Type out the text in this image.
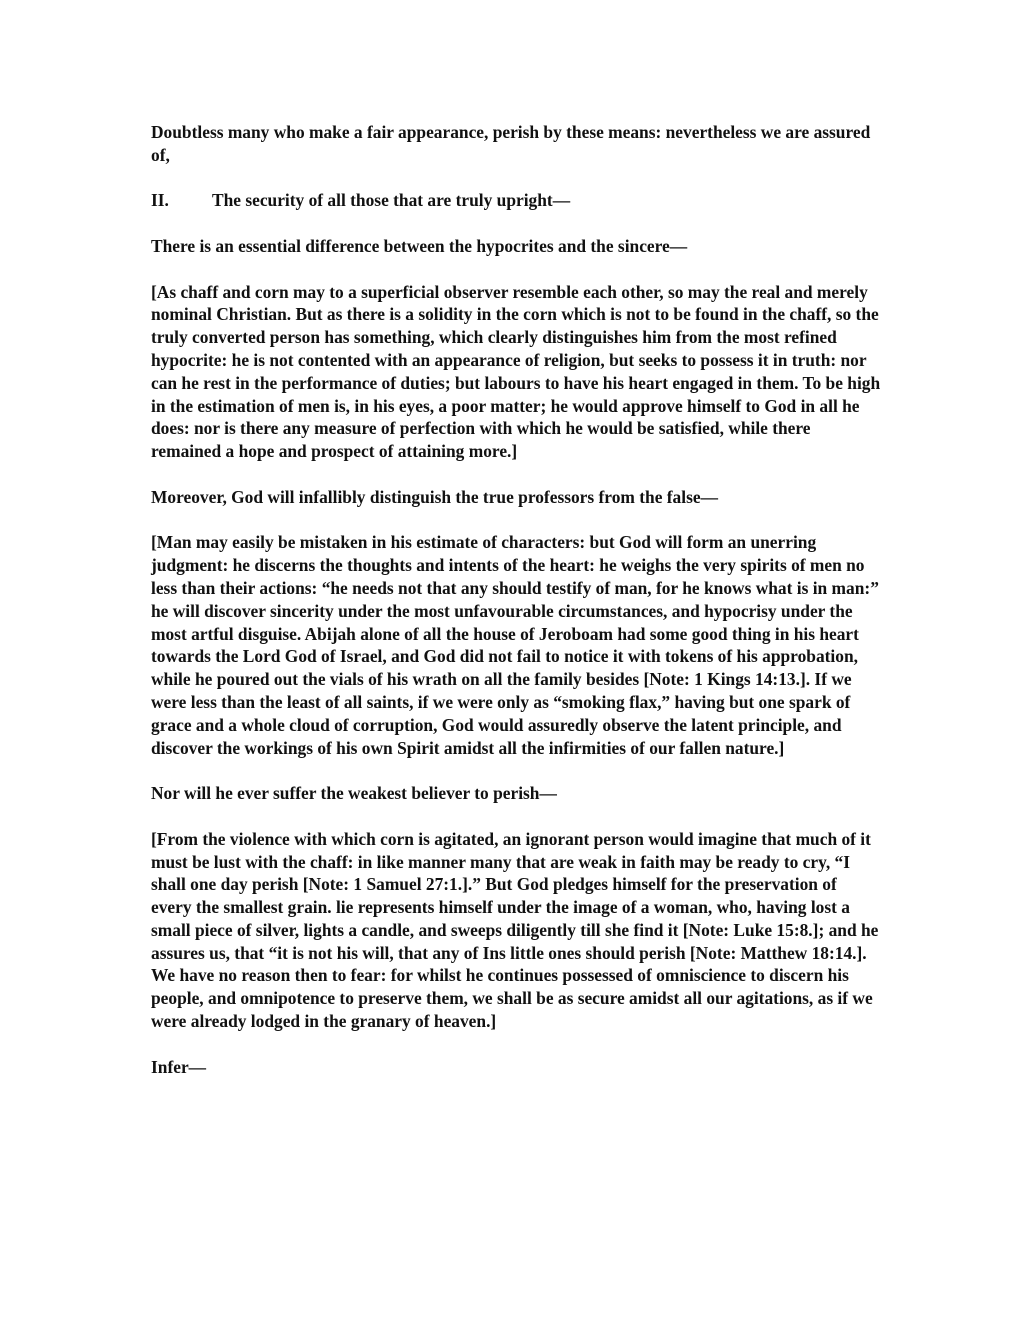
Doubtless many who make a fair appearance, perish by these means: nevertheless we are assured of,

II.	The security of all those that are truly upright—

There is an essential difference between the hypocrites and the sincere—

[As chaff and corn may to a superficial observer resemble each other, so may the real and merely nominal Christian. But as there is a solidity in the corn which is not to be found in the chaff, so the truly converted person has something, which clearly distinguishes him from the most refined hypocrite: he is not contented with an appearance of religion, but seeks to possess it in truth: nor can he rest in the performance of duties; but labours to have his heart engaged in them. To be high in the estimation of men is, in his eyes, a poor matter; he would approve himself to God in all he does: nor is there any measure of perfection with which he would be satisfied, while there remained a hope and prospect of attaining more.]

Moreover, God will infallibly distinguish the true professors from the false—

[Man may easily be mistaken in his estimate of characters: but God will form an unerring judgment: he discerns the thoughts and intents of the heart: he weighs the very spirits of men no less than their actions: “he needs not that any should testify of man, for he knows what is in man:” he will discover sincerity under the most unfavourable circumstances, and hypocrisy under the most artful disguise. Abijah alone of all the house of Jeroboam had some good thing in his heart towards the Lord God of Israel, and God did not fail to notice it with tokens of his approbation, while he poured out the vials of his wrath on all the family besides [Note: 1 Kings 14:13.]. If we were less than the least of all saints, if we were only as “smoking flax,” having but one spark of grace and a whole cloud of corruption, God would assuredly observe the latent principle, and discover the workings of his own Spirit amidst all the infirmities of our fallen nature.]

Nor will he ever suffer the weakest believer to perish—

[From the violence with which corn is agitated, an ignorant person would imagine that much of it must be lust with the chaff: in like manner many that are weak in faith may be ready to cry, “I shall one day perish [Note: 1 Samuel 27:1.].” But God pledges himself for the preservation of every the smallest grain. lie represents himself under the image of a woman, who, having lost a small piece of silver, lights a candle, and sweeps diligently till she find it [Note: Luke 15:8.]; and he assures us, that “it is not his will, that any of Ins little ones should perish [Note: Matthew 18:14.]. We have no reason then to fear: for whilst he continues possessed of omniscience to discern his people, and omnipotence to preserve them, we shall be as secure amidst all our agitations, as if we were already lodged in the granary of heaven.]

Infer—
